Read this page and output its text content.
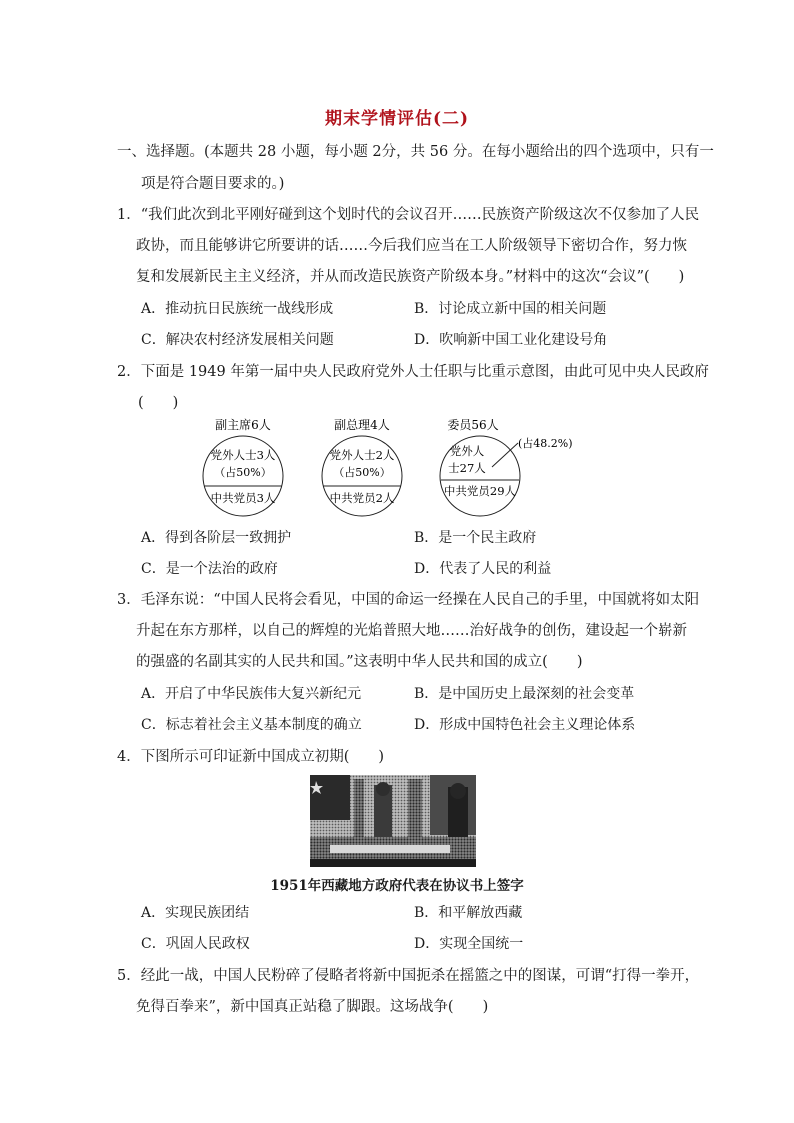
期末学情评估(二)
一、选择题。(本题共 28 小题，每小题 2分，共 56 分。在每小题给出的四个选项中，只有一
项是符合题目要求的。)
1．“我们此次到北平刚好碰到这个划时代的会议召开……民族资产阶级这次不仅参加了人民
政协，而且能够讲它所要讲的话……今后我们应当在工人阶级领导下密切合作，努力恢
复和发展新民主主义经济，并从而改造民族资产阶级本身。”材料中的这次“会议”(　　)
A．推动抗日民族统一战线形成	B．讨论成立新中国的相关问题
C．解决农村经济发展相关问题	D．吹响新中国工业化建设号角
2．下面是 1949 年第一届中央人民政府党外人士任职与比重示意图，由此可见中央人民政府
(　　)
副主席6人
党外人士3人
（占50%）
中共党员3人
副总理4人
党外人士2人
（占50%）
中共党员2人
委员56人
(占48.2%)
党外人
士27人
中共党员29人
A．得到各阶层一致拥护	B．是一个民主政府
C．是一个法治的政府	D．代表了人民的利益
3．毛泽东说：“中国人民将会看见，中国的命运一经操在人民自己的手里，中国就将如太阳
升起在东方那样，以自己的辉煌的光焰普照大地……治好战争的创伤，建设起一个崭新
的强盛的名副其实的人民共和国。”这表明中华人民共和国的成立(　　)
A．开启了中华民族伟大复兴新纪元	B．是中国历史上最深刻的社会变革
C．标志着社会主义基本制度的确立	D．形成中国特色社会主义理论体系
4．下图所示可印证新中国成立初期(　　)
1951年西藏地方政府代表在协议书上签字
A．实现民族团结	B．和平解放西藏
C．巩固人民政权	D．实现全国统一
5．经此一战，中国人民粉碎了侵略者将新中国扼杀在摇篮之中的图谋，可谓“打得一拳开，
免得百拳来”，新中国真正站稳了脚跟。这场战争(　　)
